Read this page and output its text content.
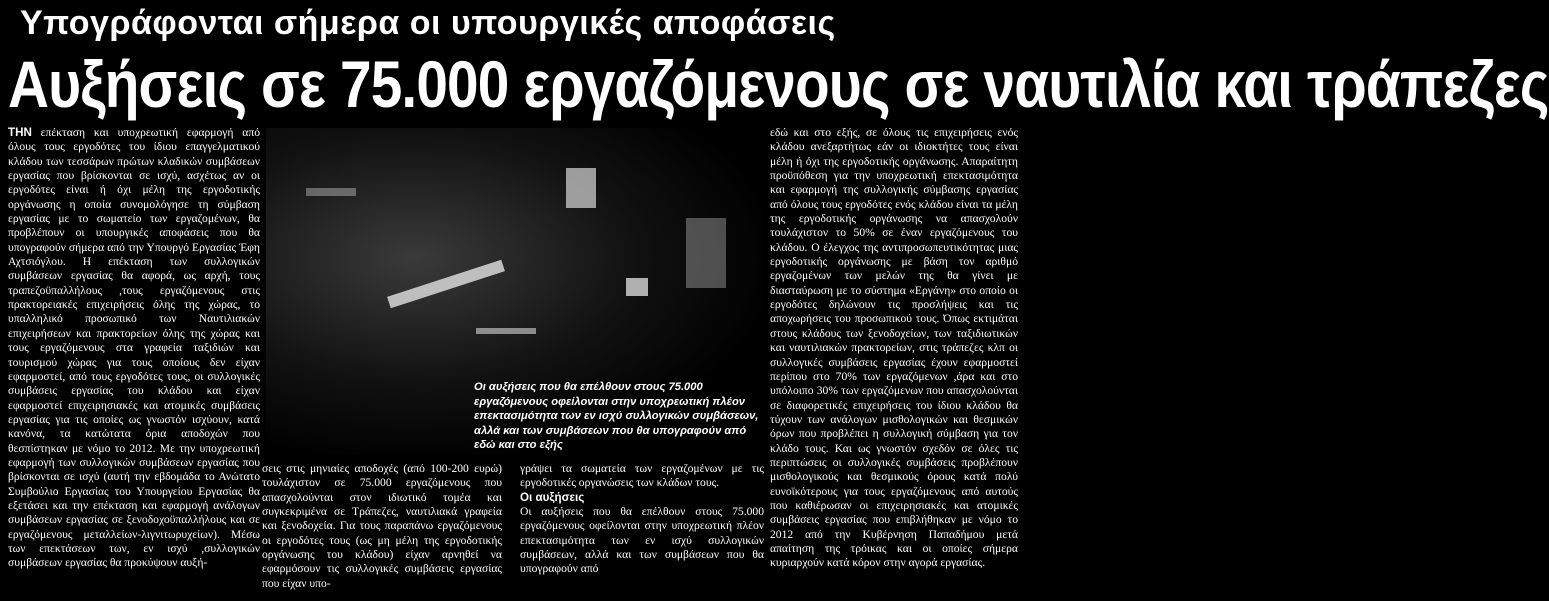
Υπογράφονται σήμερα οι υπουργικές αποφάσεις
Αυξήσεις σε 75.000 εργαζόμενους σε ναυτιλία και τράπεζες

ΤΗΝ επέκταση και υποχρεωτική εφαρμογή από όλους τους εργοδότες του ίδιου επαγγελματικού κλάδου των τεσσάρων πρώτων κλαδικών συμβάσεων εργασίας που βρίσκονται σε ισχύ, ασχέτως αν οι εργοδότες είναι ή όχι μέλη της εργοδοτικής οργάνωσης η οποία συνομολόγησε τη σύμβαση εργασίας με το σωματείο των εργαζομένων, θα προβλέπουν οι υπουργικές αποφάσεις που θα υπογραφούν σήμερα από την Υπουργό Εργασίας Έφη Αχτσιόγλου. Η επέκταση των συλλογικών συμβάσεων εργασίας θα αφορά, ως αρχή, τους τραπεζοϋπαλλήλους ,τους εργαζόμενους στις πρακτορειακές επιχειρήσεις όλης της χώρας, το υπαλληλικό προσωπικό των Ναυτιλιακών επιχειρήσεων και πρακτορείων όλης της χώρας και τους εργαζόμενους στα γραφεία ταξιδιών και τουρισμού χώρας για τους οποίους δεν είχαν εφαρμοστεί, από τους εργοδότες τους, οι συλλογικές συμβάσεις εργασίας του κλάδου και είχαν εφαρμοστεί επιχειρησιακές και ατομικές συμβάσεις εργασίας για τις οποίες ως γνωστόν ισχύουν, κατά κανόνα, τα κατώτατα όρια αποδοχών που θεσπίστηκαν με νόμο το 2012. Με την υποχρεωτική εφαρμογή των συλλογικών συμβάσεων εργασίας που βρίσκονται σε ισχύ (αυτή την εβδομάδα το Ανώτατο Συμβούλιο Εργασίας του Υπουργείου Εργασίας θα εξετάσει και την επέκταση και εφαρμογή ανάλογων συμβάσεων εργασίας σε ξενοδοχοϋπαλλήλους και σε εργαζόμενους μεταλλείων-λιγνιτωρυχείων). Μέσω των επεκτάσεων των, εν ισχύ ,συλλογικών συμβάσεων εργασίας θα προκύψουν αυξή-

Οι αυξήσεις που θα επέλθουν στους 75.000 εργαζόμενους οφείλονται στην υποχρεωτική πλέον επεκτασιμότητα των εν ισχύ συλλογικών συμβάσεων, αλλά και των συμβάσεων που θα υπογραφούν από εδώ και στο εξής

σεις στις μηνιαίες αποδοχές (από 100-200 ευρώ) τουλάχιστον σε 75.000 εργαζόμενους που απασχολούνται στον ιδιωτικό τομέα και συγκεκριμένα σε Τράπεζες, ναυτιλιακά γραφεία και ξενοδοχεία. Για τους παραπάνω εργαζόμενους οι εργοδότες τους (ως μη μέλη της εργοδοτικής οργάνωσης του κλάδου) είχαν αρνηθεί να εφαρμόσουν τις συλλογικές συμβάσεις εργασίας που είχαν υπο-

γράψει τα σωματεία των εργαζομένων με τις εργοδοτικές οργανώσεις των κλάδων τους.

Οι αυξήσεις

Οι αυξήσεις που θα επέλθουν στους 75.000 εργαζόμενους οφείλονται στην υποχρεωτική πλέον επεκτασιμότητα των εν ισχύ συλλογικών συμβάσεων, αλλά και των συμβάσεων που θα υπογραφούν από

εδώ και στο εξής, σε όλους τις επιχειρήσεις ενός κλάδου ανεξαρτήτως εάν οι ιδιοκτήτες τους είναι μέλη ή όχι της εργοδοτικής οργάνωσης. Απαραίτητη προϋπόθεση για την υποχρεωτική επεκτασιμότητα και εφαρμογή της συλλογικής σύμβασης εργασίας από όλους τους εργοδότες ενός κλάδου είναι τα μέλη της εργοδοτικής οργάνωσης να απασχολούν τουλάχιστον το 50% σε έναν εργαζόμενους του κλάδου. Ο έλεγχος της αντιπροσωπευτικότητας μιας εργοδοτικής οργάνωσης με βάση τον αριθμό εργαζομένων των μελών της θα γίνει με διασταύρωση με το σύστημα «Εργάνη» στο οποίο οι εργοδότες δηλώνουν τις προσλήψεις και τις αποχωρήσεις του προσωπικού τους. Όπως εκτιμάται στους κλάδους των ξενοδοχείων, των ταξιδιωτικών και ναυτιλιακών πρακτορείων, στις τράπεζες κλπ οι συλλογικές συμβάσεις εργασίας έχουν εφαρμοστεί περίπου στο 70% των εργαζόμενων ,άρα και στο υπόλοιπο 30% των εργαζόμενων που απασχολούνται σε διαφορετικές επιχειρήσεις του ίδιου κλάδου θα τύχουν των ανάλογων μισθολογικών και θεσμικών όρων που προβλέπει η συλλογική σύμβαση για τον κλάδο τους. Και ως γνωστόν σχεδόν σε όλες τις περιπτώσεις οι συλλογικές συμβάσεις προβλέπουν μισθολογικούς και θεσμικούς όρους κατά πολύ ευνοϊκότερους για τους εργαζόμενους από αυτούς που καθιέρωσαν οι επιχειρησιακές και ατομικές συμβάσεις εργασίας που επιβλήθηκαν με νόμο το 2012 από την Κυβέρνηση Παπαδήμου μετά απαίτηση της τρόικας και οι οποίες σήμερα κυριαρχούν κατά κόρον στην αγορά εργασίας.
